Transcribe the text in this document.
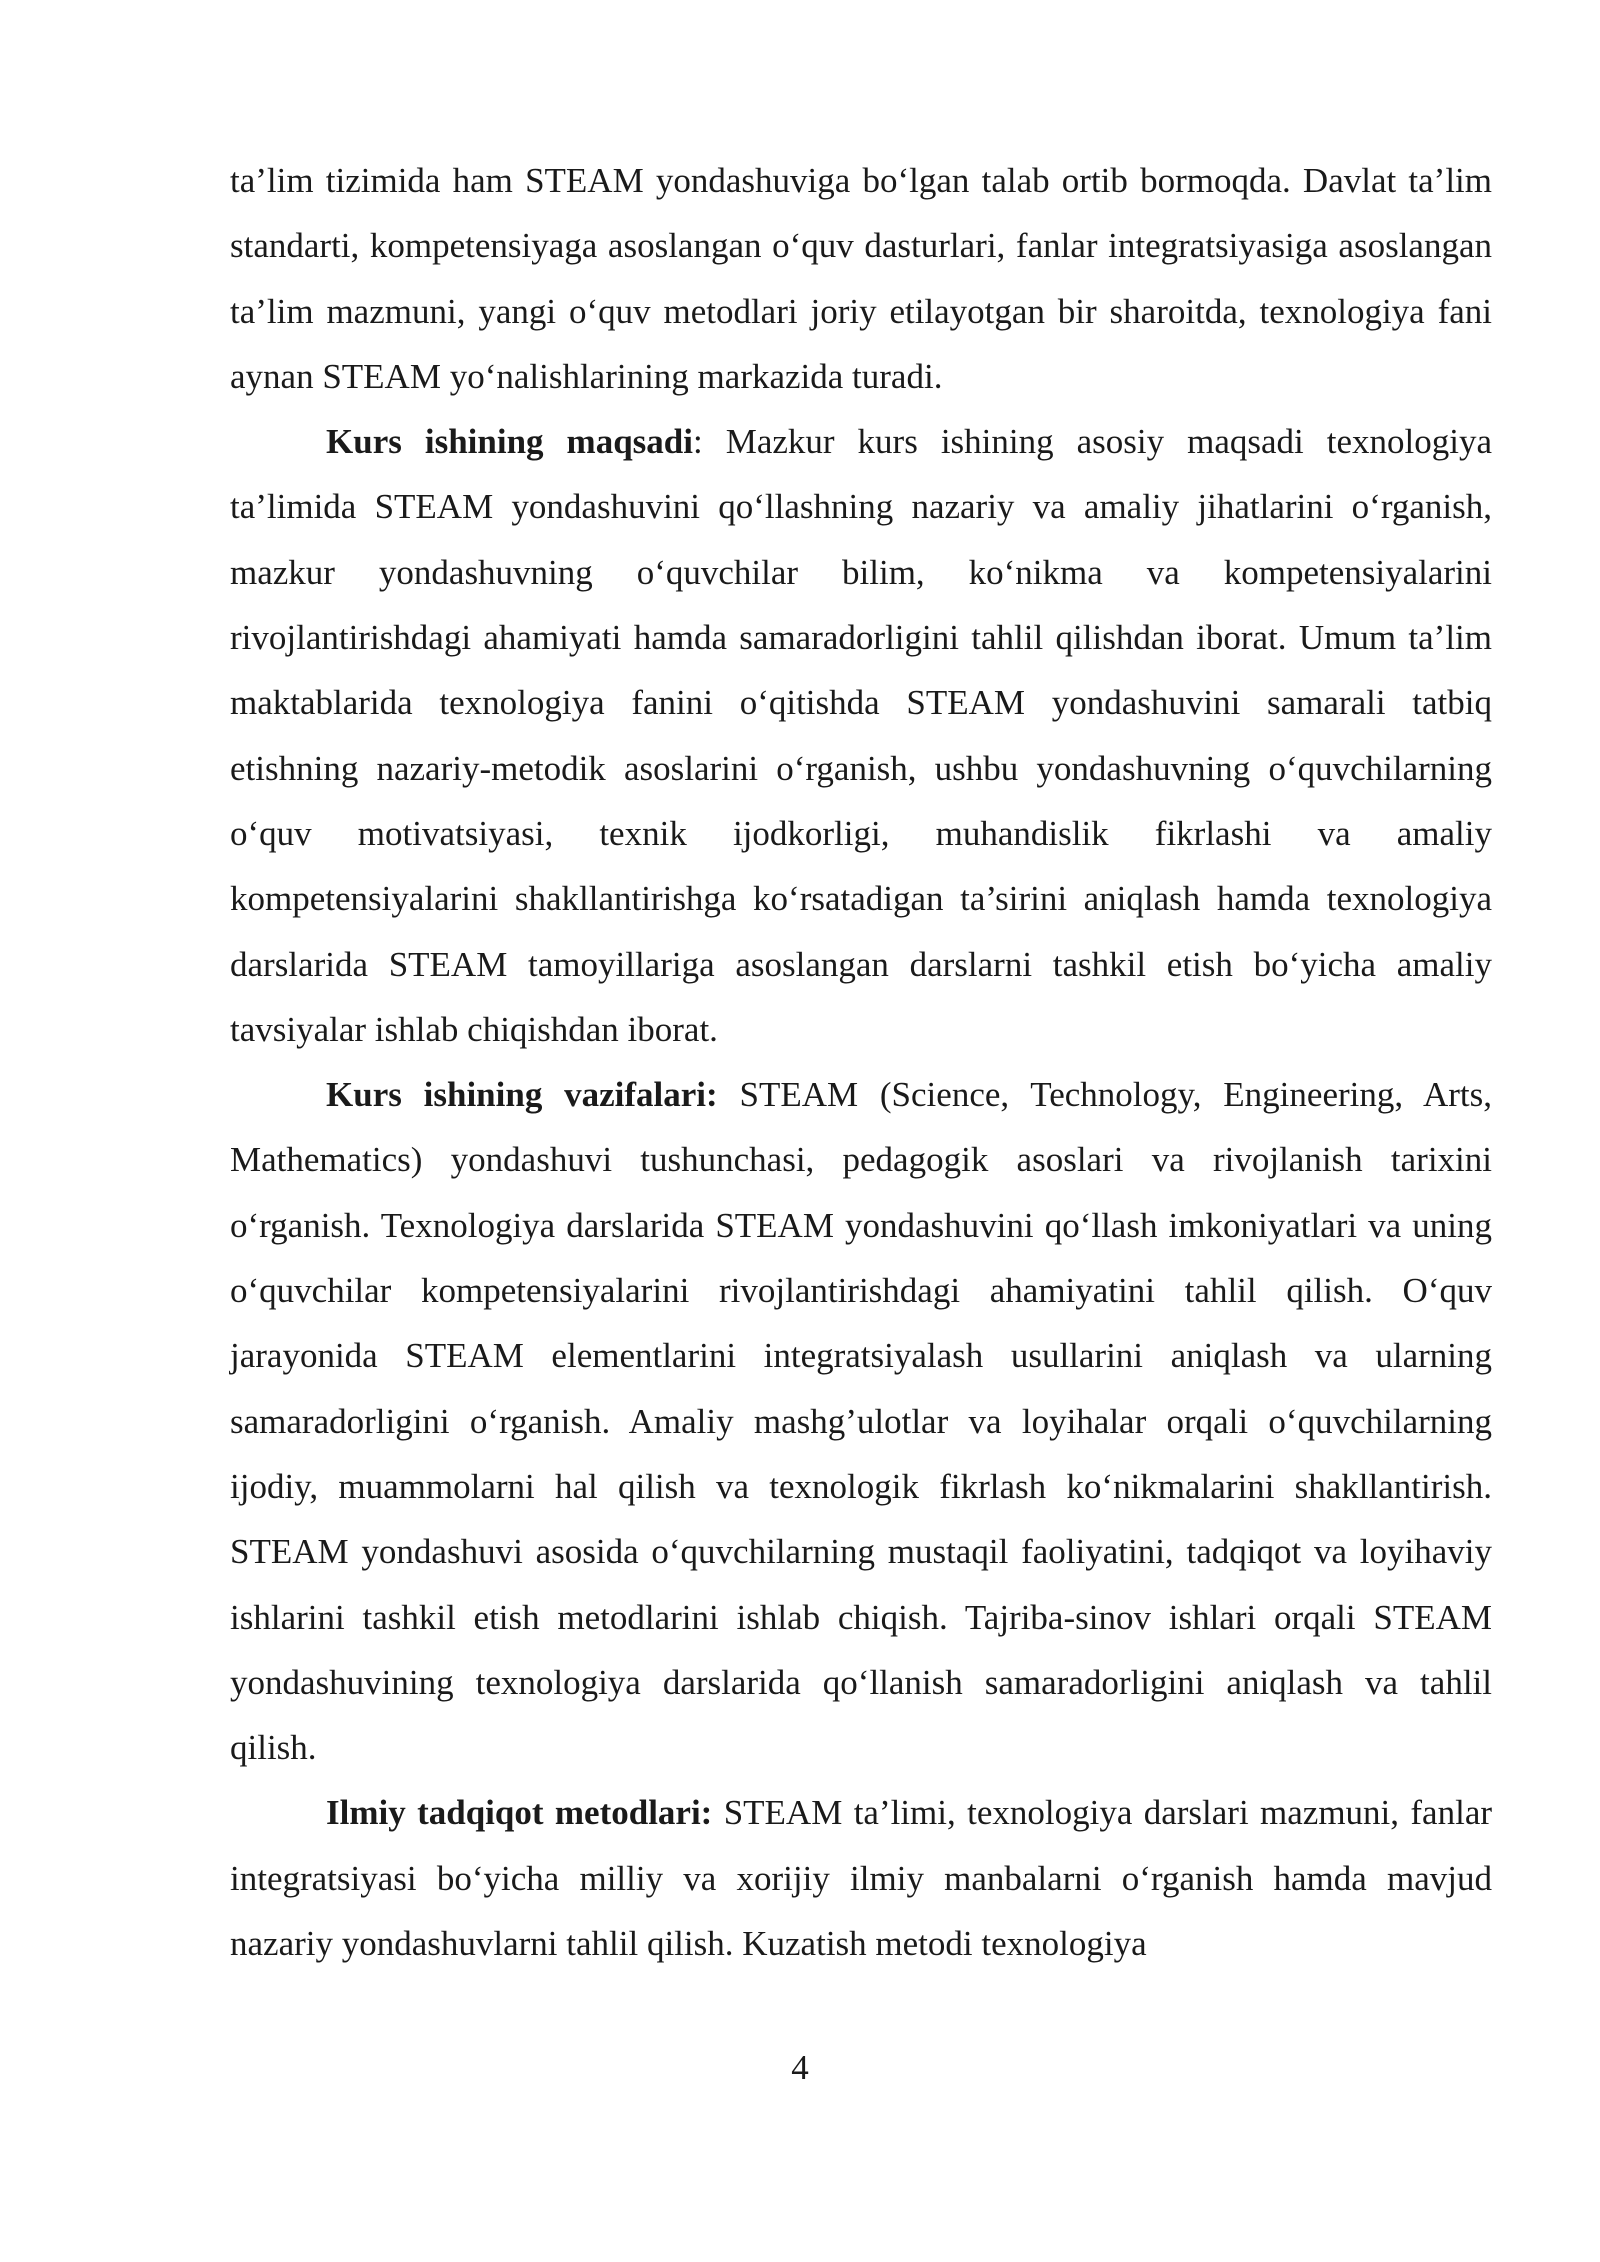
ta’lim tizimida ham STEAM yondashuviga bo‘lgan talab ortib bormoqda. Davlat ta’lim standarti, kompetensiyaga asoslangan o‘quv dasturlari, fanlar integratsiyasiga asoslangan ta’lim mazmuni, yangi o‘quv metodlari joriy etilayotgan bir sharoitda, texnologiya fani aynan STEAM yo‘nalishlarining markazida turadi.

Kurs ishining maqsadi: Mazkur kurs ishining asosiy maqsadi texnologiya ta’limida STEAM yondashuvini qo‘llashning nazariy va amaliy jihatlarini o‘rganish, mazkur yondashuvning o‘quvchilar bilim, ko‘nikma va kompetensiyalarini rivojlantirishdagi ahamiyati hamda samaradorligini tahlil qilishdan iborat. Umum ta’lim maktablarida texnologiya fanini o‘qitishda STEAM yondashuvini samarali tatbiq etishning nazariy-metodik asoslarini o‘rganish, ushbu yondashuvning o‘quvchilarning o‘quv motivatsiyasi, texnik ijodkorligi, muhandislik fikrlashi va amaliy kompetensiyalarini shakllantirishga ko‘rsatadigan ta’sirini aniqlash hamda texnologiya darslarida STEAM tamoyillariga asoslangan darslarni tashkil etish bo‘yicha amaliy tavsiyalar ishlab chiqishdan iborat.

Kurs ishining vazifalari: STEAM (Science, Technology, Engineering, Arts, Mathematics) yondashuvi tushunchasi, pedagogik asoslari va rivojlanish tarixini o‘rganish. Texnologiya darslarida STEAM yondashuvini qo‘llash imkoniyatlari va uning o‘quvchilar kompetensiyalarini rivojlantirishdagi ahamiyatini tahlil qilish. O‘quv jarayonida STEAM elementlarini integratsiyalash usullarini aniqlash va ularning samaradorligini o‘rganish. Amaliy mashg’ulotlar va loyihalar orqali o‘quvchilarning ijodiy, muammolarni hal qilish va texnologik fikrlash ko‘nikmalarini shakllantirish. STEAM yondashuvi asosida o‘quvchilarning mustaqil faoliyatini, tadqiqot va loyihaviy ishlarini tashkil etish metodlarini ishlab chiqish. Tajriba-sinov ishlari orqali STEAM yondashuvining texnologiya darslarida qo‘llanish samaradorligini aniqlash va tahlil qilish.

Ilmiy tadqiqot metodlari: STEAM ta’limi, texnologiya darslari mazmuni, fanlar integratsiyasi bo‘yicha milliy va xorijiy ilmiy manbalarni o‘rganish hamda mavjud nazariy yondashuvlarni tahlil qilish. Kuzatish metodi texnologiya

4
